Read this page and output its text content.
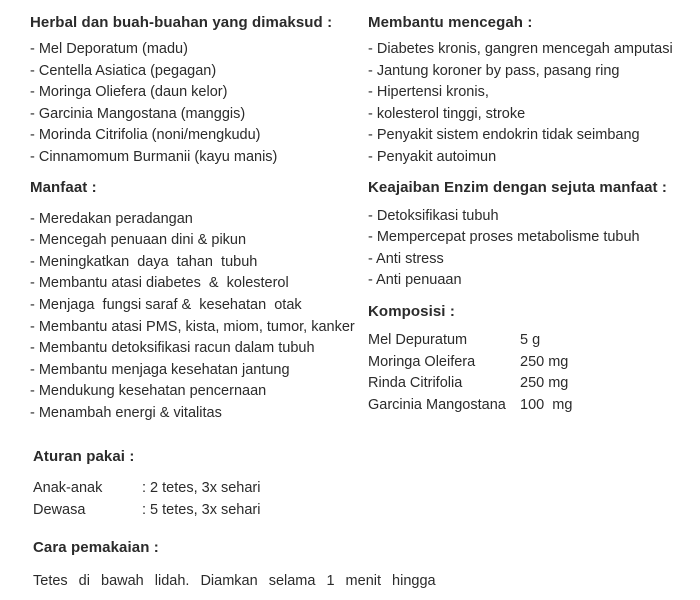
Herbal dan buah-buahan yang dimaksud :
- Mel Deporatum (madu)
- Centella Asiatica (pegagan)
- Moringa Oliefera (daun kelor)
- Garcinia Mangostana (manggis)
- Morinda Citrifolia (noni/mengkudu)
- Cinnamomum Burmanii (kayu manis)
Manfaat :
- Meredakan peradangan
- Mencegah penuaan dini & pikun
- Meningkatkan  daya  tahan  tubuh
- Membantu atasi diabetes  &  kolesterol
- Menjaga  fungsi saraf &  kesehatan  otak
- Membantu atasi PMS, kista, miom, tumor, kanker
- Membantu detoksifikasi racun dalam tubuh
- Membantu menjaga kesehatan jantung
- Mendukung kesehatan pencernaan
- Menambah energi & vitalitas
Membantu mencegah :
- Diabetes kronis, gangren mencegah amputasi
- Jantung koroner by pass, pasang ring
- Hipertensi kronis,
- kolesterol tinggi, stroke
- Penyakit sistem endokrin tidak seimbang
- Penyakit autoimun
Keajaiban Enzim dengan sejuta manfaat :
- Detoksifikasi tubuh
- Mempercepat proses metabolisme tubuh
- Anti stress
- Anti penuaan
Komposisi :
Mel Depuratum	5 g
Moringa Oleifera	250 mg
Rinda Citrifolia	250 mg
Garcinia Mangostana 100  mg
Aturan pakai :
Anak-anak	: 2 tetes, 3x sehari
Dewasa	: 5 tetes, 3x sehari
Cara pemakaian :
Tetes di bawah lidah. Diamkan selama 1 menit hingga
